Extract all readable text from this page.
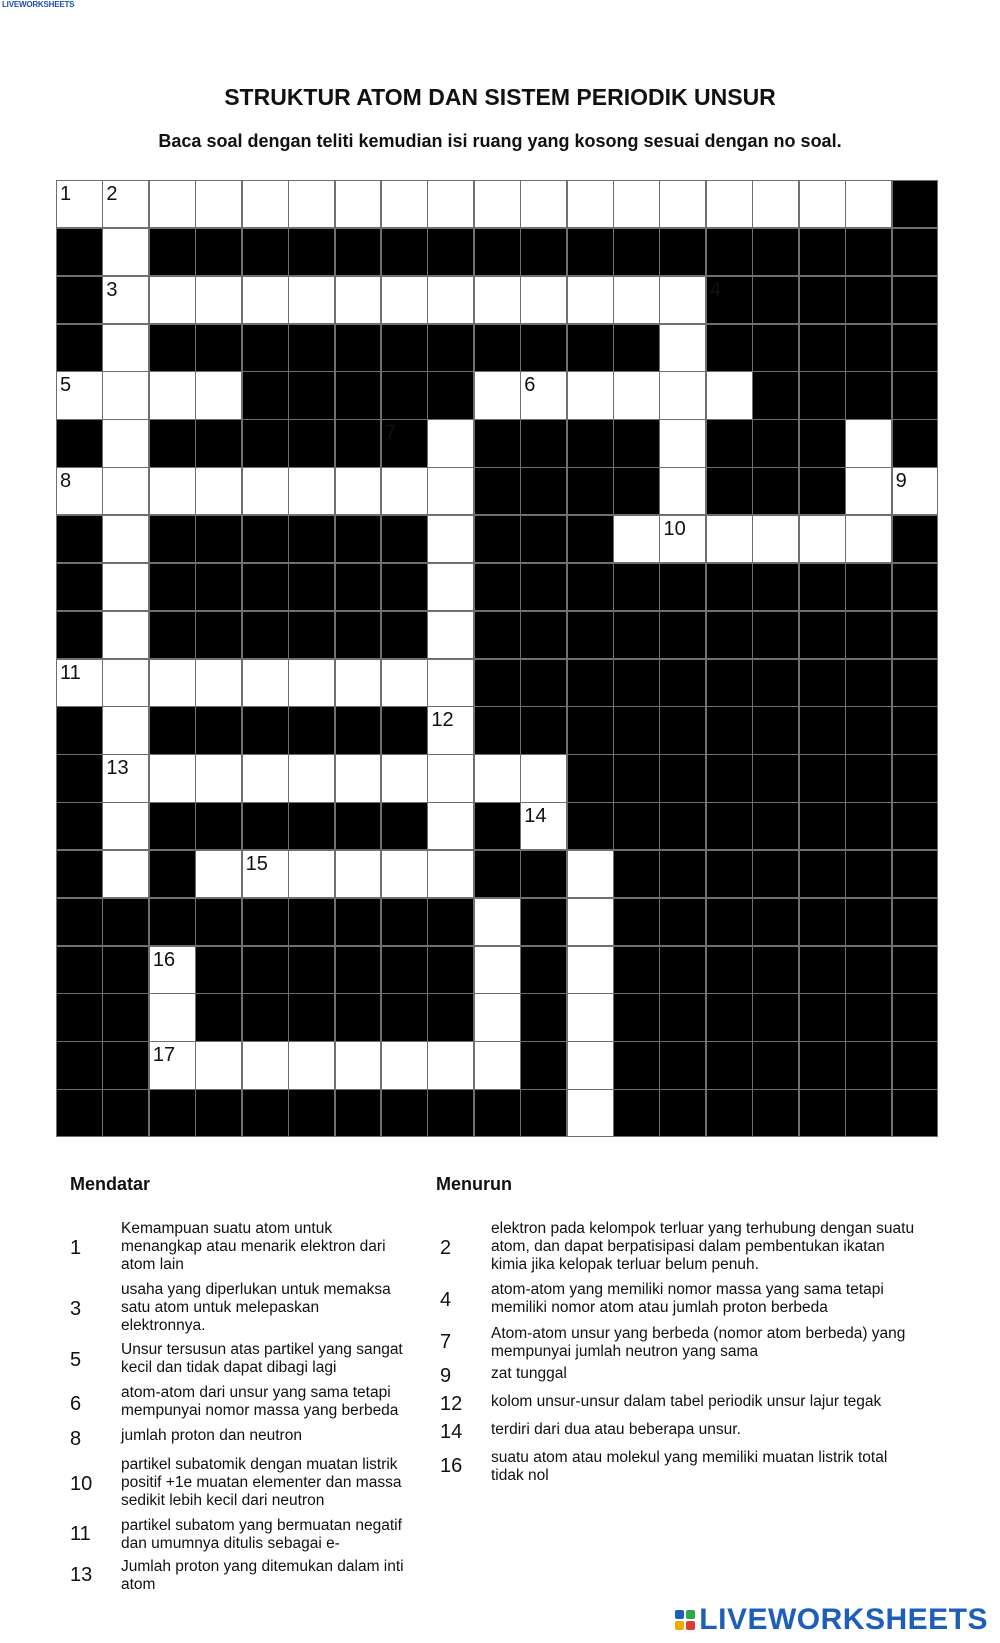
LIVEWORKSHEETS
STRUKTUR ATOM DAN SISTEM PERIODIK UNSUR
Baca soal dengan teliti kemudian isi ruang yang kosong sesuai dengan no soal.
1 2
3	4
5	6
7
8	9
10
11
12
13
14
15
16
17
Mendatar	Menurun
1
Kemampuan suatu atom untuk
menangkap atau menarik elektron dari
atom lain
3
usaha yang diperlukan untuk memaksa
satu atom untuk melepaskan
elektronnya.
5	Unsur tersusun atas partikel yang sangat
kecil dan tidak dapat dibagi lagi
6
atom-atom dari unsur yang sama tetapi
mempunyai nomor massa yang berbeda
8	jumlah proton dan neutron
10
partikel subatomik dengan muatan listrik
positif +1e muatan elementer dan massa
sedikit lebih kecil dari neutron
11	partikel subatom yang bermuatan negatif
dan umumnya ditulis sebagai e-
13	Jumlah proton yang ditemukan dalam inti
atom
2
elektron pada kelompok terluar yang terhubung dengan suatu
atom, dan dapat berpatisipasi dalam pembentukan ikatan
kimia jika kelopak terluar belum penuh.
4	atom-atom yang memiliki nomor massa yang sama tetapi
memiliki nomor atom atau jumlah proton berbeda
7	Atom-atom unsur yang berbeda (nomor atom berbeda) yang
mempunyai jumlah neutron yang sama
9	zat tunggal
12	kolom unsur-unsur dalam tabel periodik unsur lajur tegak
14	terdiri dari dua atau beberapa unsur.
16	suatu atom atau molekul yang memiliki muatan listrik total
tidak nol
LIVEWORKSHEETS
